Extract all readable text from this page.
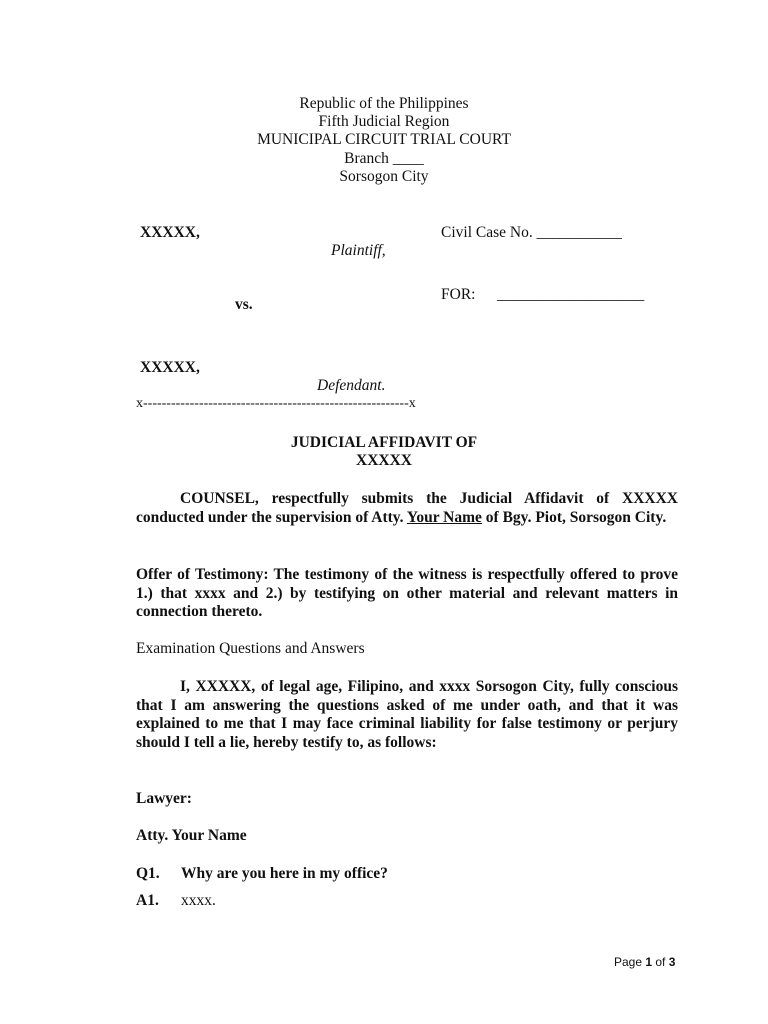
Republic of the Philippines
Fifth Judicial Region
MUNICIPAL CIRCUIT TRIAL COURT
Branch ____
Sorsogon City
XXXXX,
Plaintiff,
Civil Case No. ___________
FOR: ___________________
vs.
XXXXX,
Defendant.
x---------------------------------------------------------x
JUDICIAL AFFIDAVIT OF
XXXXX
COUNSEL, respectfully submits the Judicial Affidavit of XXXXX conducted under the supervision of Atty. Your Name of Bgy. Piot, Sorsogon City.
Offer of Testimony: The testimony of the witness is respectfully offered to prove 1.) that xxxx and 2.) by testifying on other material and relevant matters in connection thereto.
Examination Questions and Answers
I, XXXXX, of legal age, Filipino, and xxxx Sorsogon City, fully conscious that I am answering the questions asked of me under oath, and that it was explained to me that I may face criminal liability for false testimony or perjury should I tell a lie, hereby testify to, as follows:
Lawyer:
Atty. Your Name
Q1. Why are you here in my office?
A1. xxxx.
Page 1 of 3
